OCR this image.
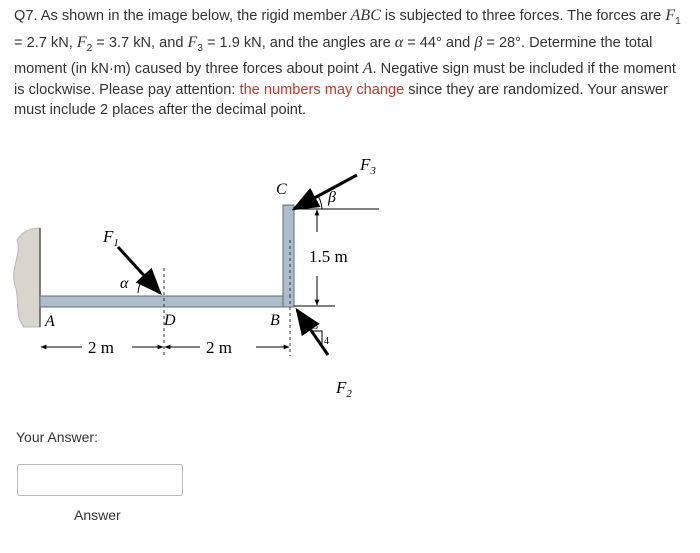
Q7. As shown in the image below, the rigid member ABC is subjected to three forces. The forces are $F_1 = 2.7$ kN, $F_2 = 3.7$ kN, and $F_3 = 1.9$ kN, and the angles are α = 44° and β = 28°. Determine the total moment (in kN·m) caused by three forces about point A. Negative sign must be included if the moment is clockwise. Please pay attention: the numbers may change since they are randomized. Your answer must include 2 places after the decimal point.
A	B
C
D
$F_1$
α
$F_3$
β
3
4
$F_2$
1.5 m
2 m	2 m
Your Answer:
Answer
